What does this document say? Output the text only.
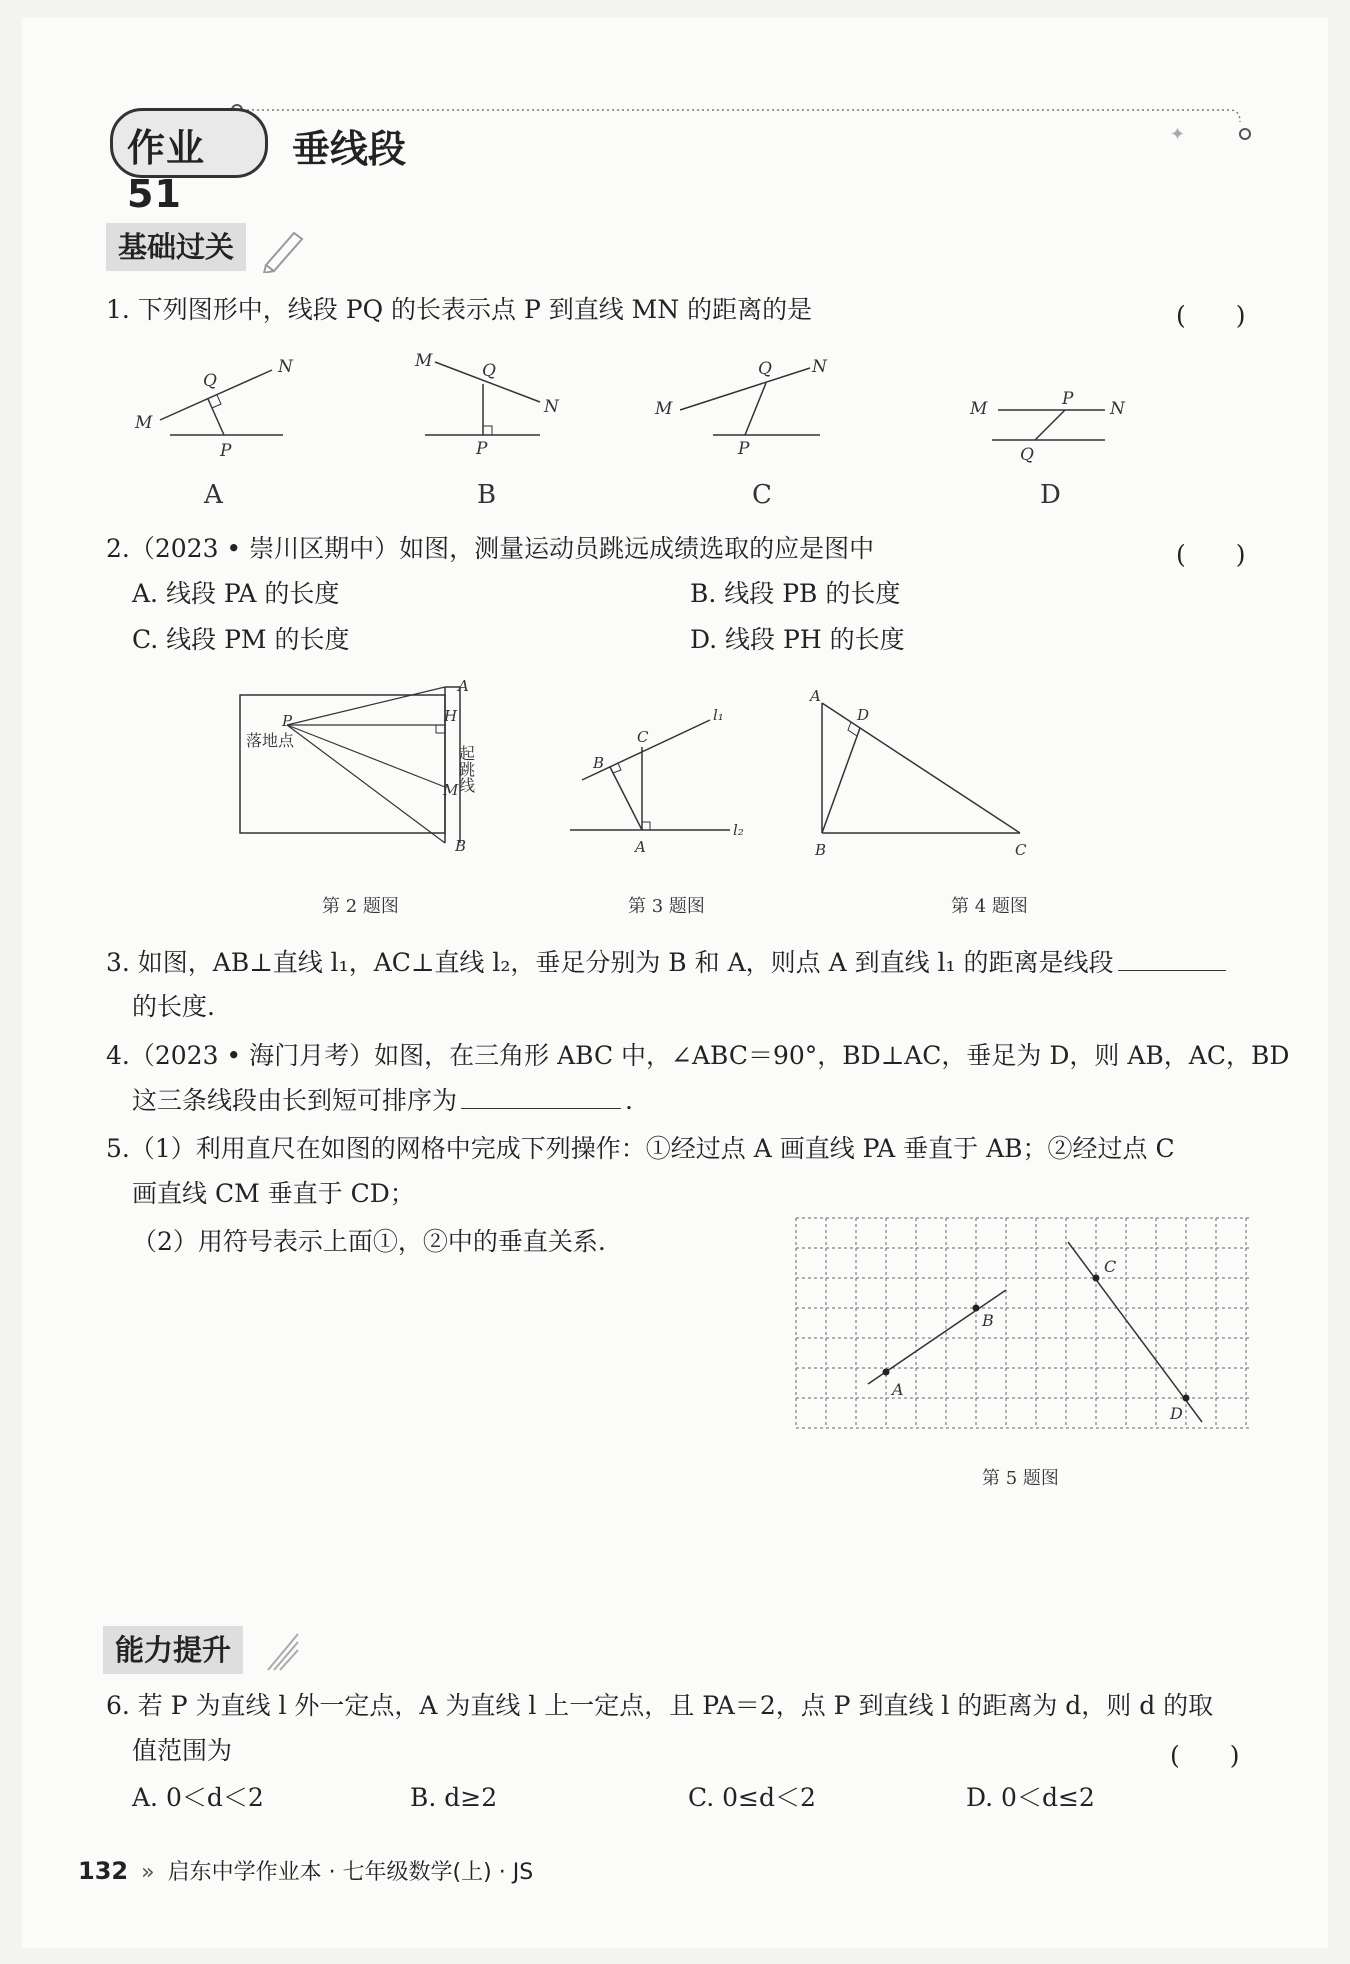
✦
作业 51
垂线段
基础过关
1. 下列图形中，线段 PQ 的长表示点 P 到直线 MN 的距离的是	(　　)
Q
N
M
P
M	Q
N
P
Q N
M
P
M	P N
Q
A	B	C	D
2.（2023 • 崇川区期中）如图，测量运动员跳远成绩选取的应是图中	(　　)
A. 线段 PA 的长度	B. 线段 PB 的长度
C. 线段 PM 的长度	D. 线段 PH 的长度
A
H
M
B
P
落地点
起跳线	B
C
l₁
A
l₂
A
D
B	C
第 2 题图	第 3 题图	第 4 题图
3. 如图，AB⊥直线 l₁，AC⊥直线 l₂，垂足分别为 B 和 A，则点 A 到直线 l₁ 的距离是线段
的长度.
4.（2023 • 海门月考）如图，在三角形 ABC 中，∠ABC＝90°，BD⊥AC，垂足为 D，则 AB，AC，BD
这三条线段由长到短可排序为	.
5.（1）利用直尺在如图的网格中完成下列操作：①经过点 A 画直线 PA 垂直于 AB；②经过点 C
画直线 CM 垂直于 CD；
（2）用符号表示上面①，②中的垂直关系.
A
B
C
D
第 5 题图
能力提升
6. 若 P 为直线 l 外一定点，A 为直线 l 上一定点，且 PA＝2，点 P 到直线 l 的距离为 d，则 d 的取
值范围为	(　　)
A. 0＜d＜2	B. d≥2	C. 0≤d＜2	D. 0＜d≤2
132 » 启东中学作业本 · 七年级数学(上) · JS
